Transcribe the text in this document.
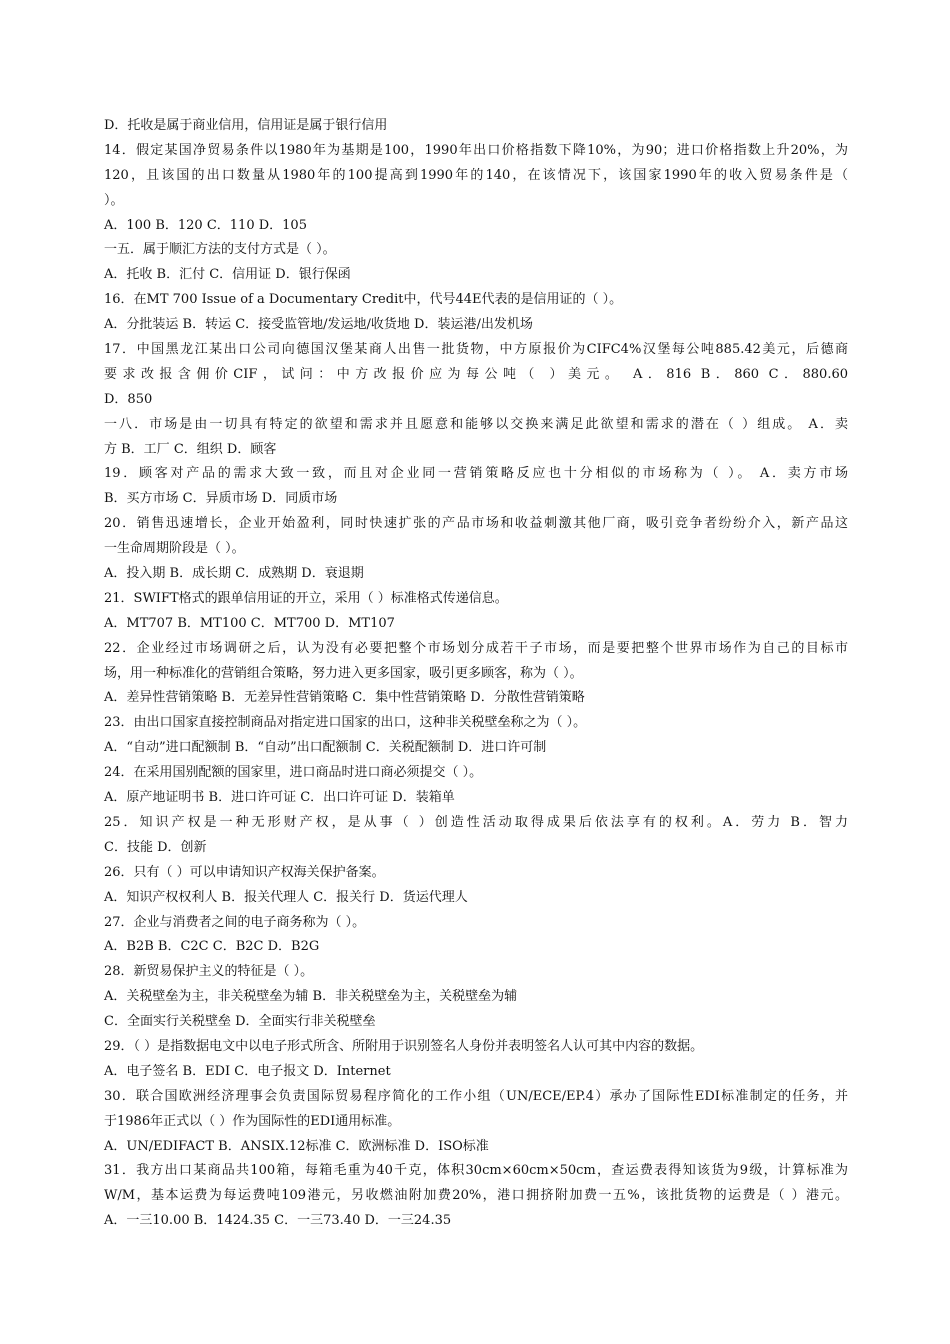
D．托收是属于商业信用，信用证是属于银行信用
14．假定某国净贸易条件以1980年为基期是100，1990年出口价格指数下降10%，为90；进口价格指数上升20%，为
120，且该国的出口数量从1980年的100提高到1990年的140，在该情况下，该国家1990年的收入贸易条件是（
）。
A．100 B．120 C．110 D．105
一五．属于顺汇方法的支付方式是（ ）。
A．托收 B．汇付 C．信用证 D．银行保函
16．在MT 700 Issue of a Documentary Credit中，代号44E代表的是信用证的（ ）。
A．分批装运 B．转运 C．接受监管地/发运地/收货地 D．装运港/出发机场
17．中国黑龙江某出口公司向德国汉堡某商人出售一批货物，中方原报价为CIFC4%汉堡每公吨885.42美元，后德商
要求改报含佣价CIF，试问：中方改报价应为每公吨（ ）美元。 A．816 B．860 C．880.60
D．850
一八．市场是由一切具有特定的欲望和需求并且愿意和能够以交换来满足此欲望和需求的潜在（ ）组成。 A．卖
方 B．工厂 C．组织 D．顾客
19．顾客对产品的需求大致一致，而且对企业同一营销策略反应也十分相似的市场称为（ ）。 A．卖方市场
B．买方市场 C．异质市场 D．同质市场
20．销售迅速增长，企业开始盈利，同时快速扩张的产品市场和收益刺激其他厂商，吸引竞争者纷纷介入，新产品这
一生命周期阶段是（ ）。
A．投入期 B．成长期 C．成熟期 D．衰退期
21．SWIFT格式的跟单信用证的开立，采用（ ）标准格式传递信息。
A．MT707 B．MT100 C．MT700 D．MT107
22．企业经过市场调研之后，认为没有必要把整个市场划分成若干子市场，而是要把整个世界市场作为自己的目标市
场，用一种标准化的营销组合策略，努力进入更多国家，吸引更多顾客，称为（ ）。
A．差异性营销策略 B．无差异性营销策略 C．集中性营销策略 D．分散性营销策略
23．由出口国家直接控制商品对指定进口国家的出口，这种非关税壁垒称之为（ ）。
A．“自动”进口配额制 B．“自动”出口配额制 C．关税配额制 D．进口许可制
24．在采用国别配额的国家里，进口商品时进口商必须提交（ ）。
A．原产地证明书 B．进口许可证 C．出口许可证 D．装箱单
25．知识产权是一种无形财产权，是从事（ ）创造性活动取得成果后依法享有的权利。A．劳力 B．智力
C．技能 D．创新
26．只有（ ）可以申请知识产权海关保护备案。
A．知识产权权利人 B．报关代理人 C．报关行 D．货运代理人
27．企业与消费者之间的电子商务称为（ ）。
A．B2B B．C2C C．B2C D．B2G
28．新贸易保护主义的特征是（ ）。
A．关税壁垒为主，非关税壁垒为辅 B．非关税壁垒为主，关税壁垒为辅
C．全面实行关税壁垒 D．全面实行非关税壁垒
29．（ ）是指数据电文中以电子形式所含、所附用于识别签名人身份并表明签名人认可其中内容的数据。
A．电子签名 B．EDI C．电子报文 D．Internet
30．联合国欧洲经济理事会负责国际贸易程序简化的工作小组（UN/ECE/EP.4）承办了国际性EDI标准制定的任务，并
于1986年正式以（ ）作为国际性的EDI通用标准。
A．UN/EDIFACT B．ANSIX.12标准 C．欧洲标准 D．ISO标准
31．我方出口某商品共100箱，每箱毛重为40千克，体积30cm×60cm×50cm，查运费表得知该货为9级，计算标准为
W/M，基本运费为每运费吨109港元，另收燃油附加费20%，港口拥挤附加费一五%，该批货物的运费是（ ）港元。
A．一三10.00 B．1424.35 C．一三73.40 D．一三24.35
